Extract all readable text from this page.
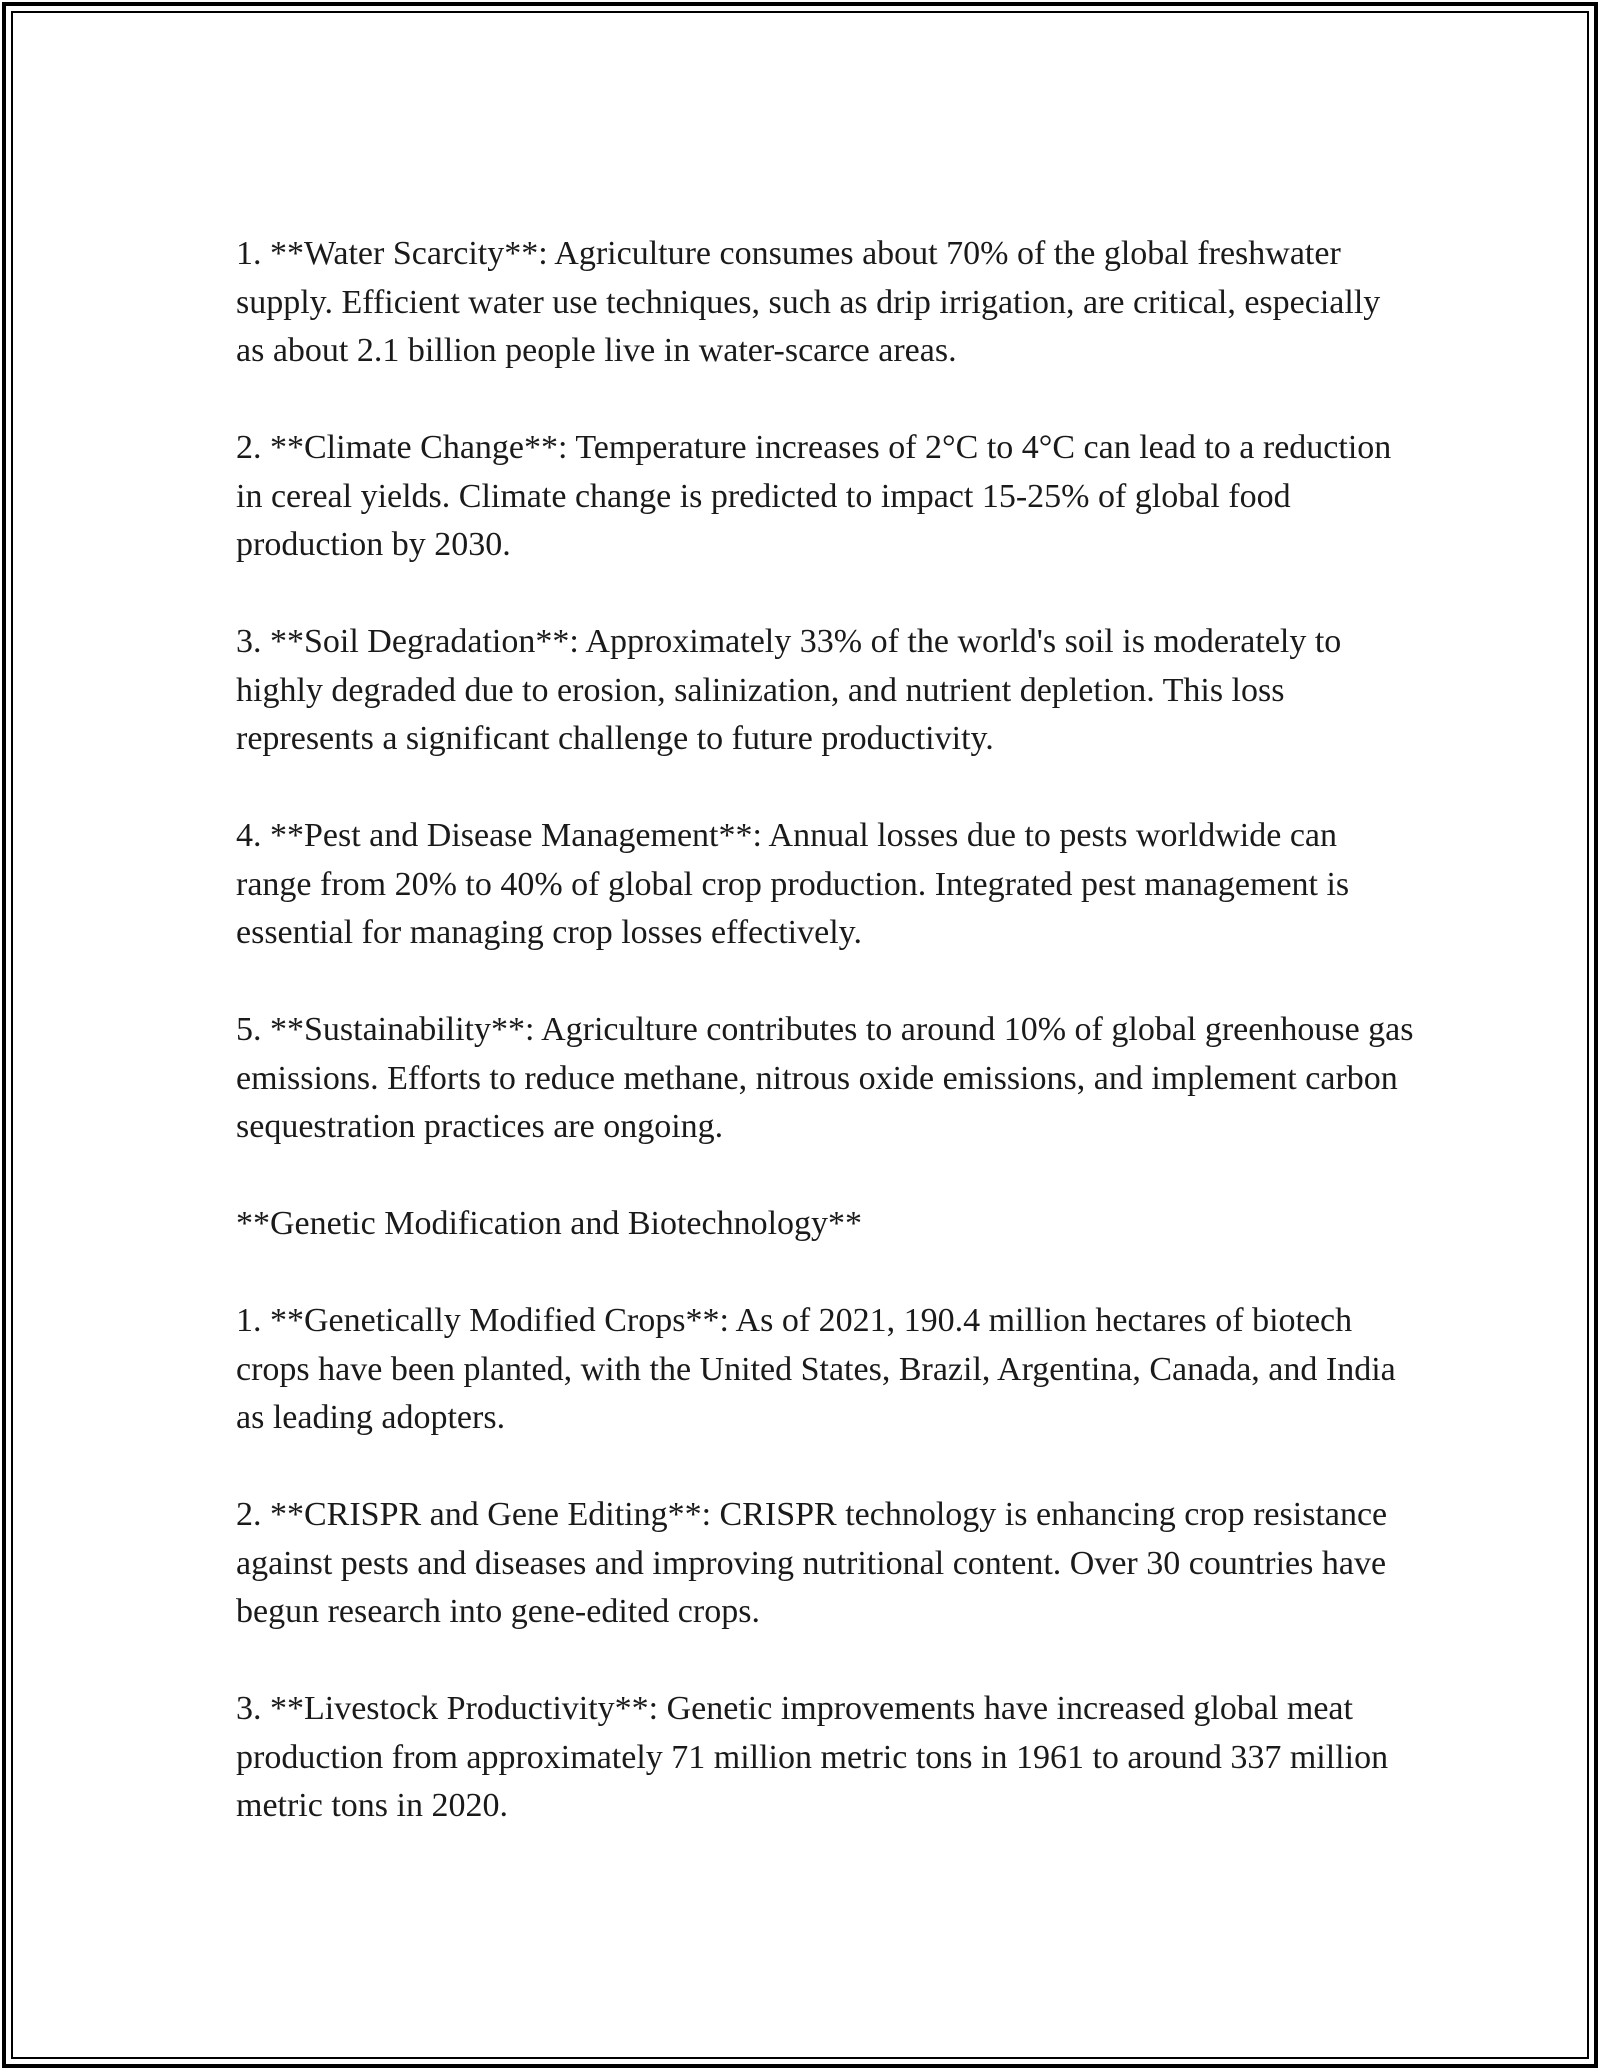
1. **Water Scarcity**: Agriculture consumes about 70% of the global freshwater supply. Efficient water use techniques, such as drip irrigation, are critical, especially as about 2.1 billion people live in water-scarce areas.

2. **Climate Change**: Temperature increases of 2°C to 4°C can lead to a reduction in cereal yields. Climate change is predicted to impact 15-25% of global food production by 2030.

3. **Soil Degradation**: Approximately 33% of the world's soil is moderately to highly degraded due to erosion, salinization, and nutrient depletion. This loss represents a significant challenge to future productivity.

4. **Pest and Disease Management**: Annual losses due to pests worldwide can range from 20% to 40% of global crop production. Integrated pest management is essential for managing crop losses effectively.

5. **Sustainability**: Agriculture contributes to around 10% of global greenhouse gas emissions. Efforts to reduce methane, nitrous oxide emissions, and implement carbon sequestration practices are ongoing.

**Genetic Modification and Biotechnology**

1. **Genetically Modified Crops**: As of 2021, 190.4 million hectares of biotech crops have been planted, with the United States, Brazil, Argentina, Canada, and India as leading adopters.

2. **CRISPR and Gene Editing**: CRISPR technology is enhancing crop resistance against pests and diseases and improving nutritional content. Over 30 countries have begun research into gene-edited crops.

3. **Livestock Productivity**: Genetic improvements have increased global meat production from approximately 71 million metric tons in 1961 to around 337 million metric tons in 2020.
